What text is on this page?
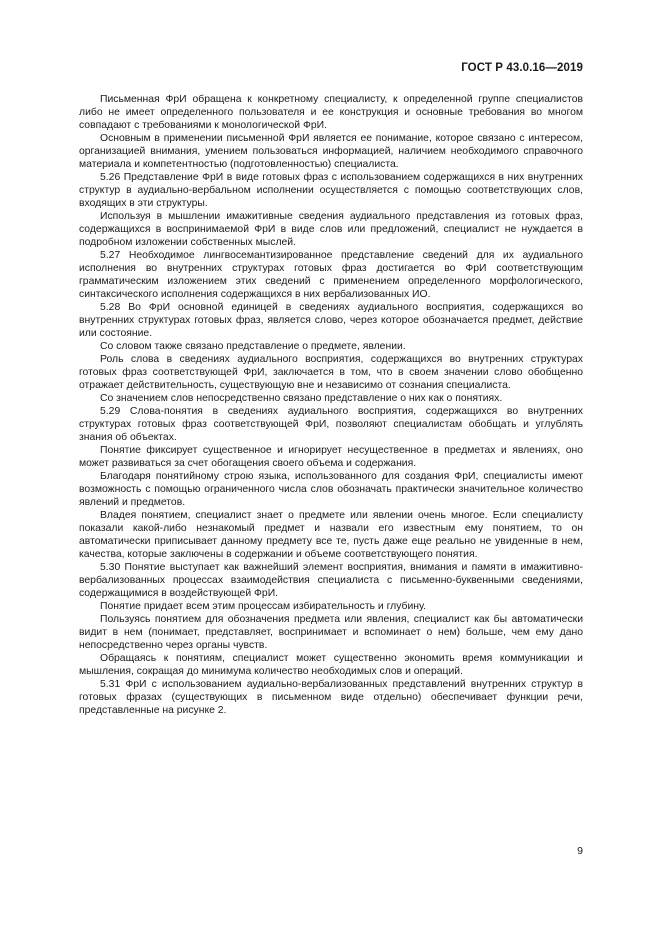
ГОСТ Р 43.0.16—2019

Письменная ФрИ обращена к конкретному специалисту, к определенной группе специалистов либо не имеет определенного пользователя и ее конструкция и основные требования во многом совпадают с требованиями к монологической ФрИ.

Основным в применении письменной ФрИ является ее понимание, которое связано с интересом, организацией внимания, умением пользоваться информацией, наличием необходимого справочного материала и компетентностью (подготовленностью) специалиста.

5.26 Представление ФрИ в виде готовых фраз с использованием содержащихся в них внутренних структур в аудиально-вербальном исполнении осуществляется с помощью соответствующих слов, входящих в эти структуры.

Используя в мышлении имажитивные сведения аудиального представления из готовых фраз, содержащихся в воспринимаемой ФрИ в виде слов или предложений, специалист не нуждается в подробном изложении собственных мыслей.

5.27 Необходимое лингвосемантизированное представление сведений для их аудиального исполнения во внутренних структурах готовых фраз достигается во ФрИ соответствующим грамматическим изложением этих сведений с применением определенного морфологического, синтаксического исполнения содержащихся в них вербализованных ИО.

5.28 Во ФрИ основной единицей в сведениях аудиального восприятия, содержащихся во внутренних структурах готовых фраз, является слово, через которое обозначается предмет, действие или состояние.

Со словом также связано представление о предмете, явлении.

Роль слова в сведениях аудиального восприятия, содержащихся во внутренних структурах готовых фраз соответствующей ФрИ, заключается в том, что в своем значении слово обобщенно отражает действительность, существующую вне и независимо от сознания специалиста.

Со значением слов непосредственно связано представление о них как о понятиях.

5.29 Слова-понятия в сведениях аудиального восприятия, содержащихся во внутренних структурах готовых фраз соответствующей ФрИ, позволяют специалистам обобщать и углублять знания об объектах.

Понятие фиксирует существенное и игнорирует несущественное в предметах и явлениях, оно может развиваться за счет обогащения своего объема и содержания.

Благодаря понятийному строю языка, использованного для создания ФрИ, специалисты имеют возможность с помощью ограниченного числа слов обозначать практически значительное количество явлений и предметов.

Владея понятием, специалист знает о предмете или явлении очень многое. Если специалисту показали какой-либо незнакомый предмет и назвали его известным ему понятием, то он автоматически приписывает данному предмету все те, пусть даже еще реально не увиденные в нем, качества, которые заключены в содержании и объеме соответствующего понятия.

5.30 Понятие выступает как важнейший элемент восприятия, внимания и памяти в имажитивно-вербализованных процессах взаимодействия специалиста с письменно-буквенными сведениями, содержащимися в воздействующей ФрИ.

Понятие придает всем этим процессам избирательность и глубину.

Пользуясь понятием для обозначения предмета или явления, специалист как бы автоматически видит в нем (понимает, представляет, воспринимает и вспоминает о нем) больше, чем ему дано непосредственно через органы чувств.

Обращаясь к понятиям, специалист может существенно экономить время коммуникации и мышления, сокращая до минимума количество необходимых слов и операций.

5.31 ФрИ с использованием аудиально-вербализованных представлений внутренних структур в готовых фразах (существующих в письменном виде отдельно) обеспечивает функции речи, представленные на рисунке 2.

9
